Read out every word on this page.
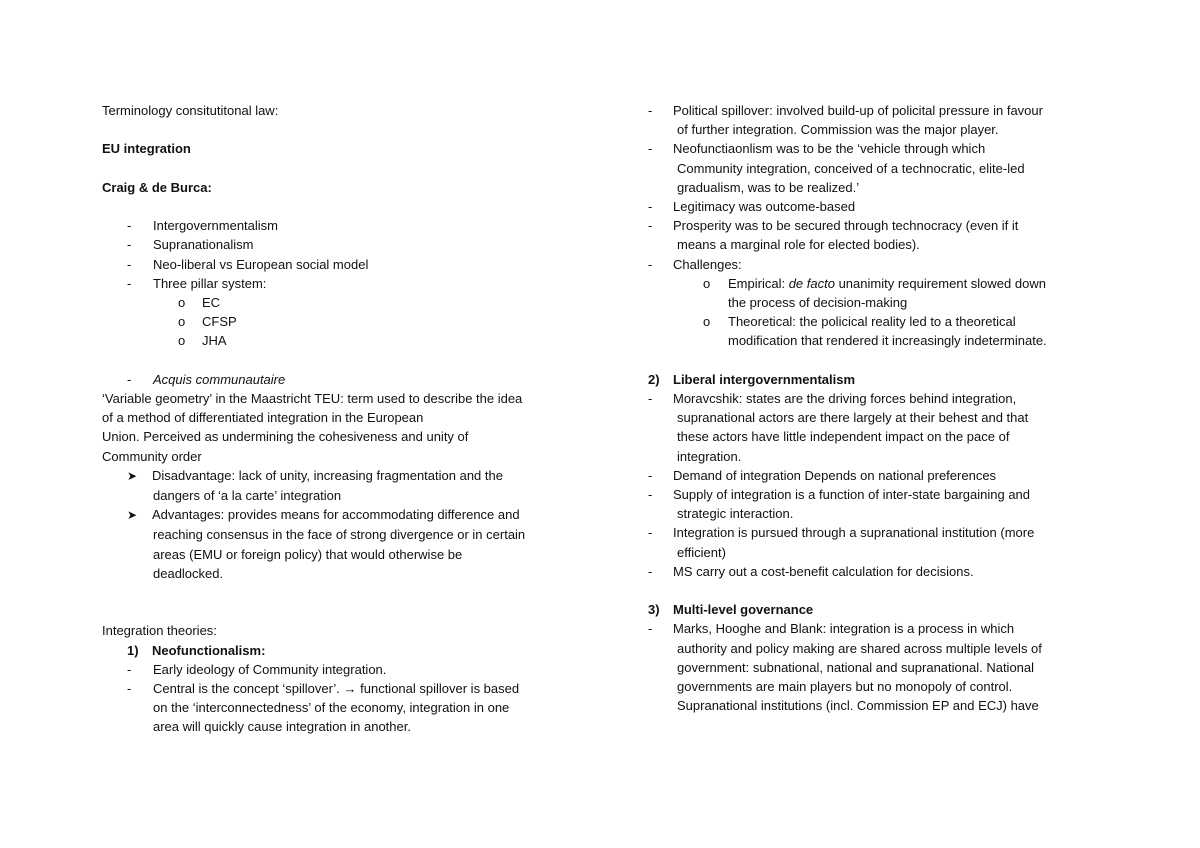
Terminology consitutitonal law:
EU integration
Craig & de Burca:
- Intergovernmentalism
- Supranationalism
- Neo-liberal vs European social model
- Three pillar system:
o EC
o CFSP
o JHA
- Acquis communautaire
‘Variable geometry’ in the Maastricht TEU: term used to describe the idea
of a method of differentiated integration in the European
Union. Perceived as undermining the cohesiveness and unity of
Community order
➤ Disadvantage: lack of unity, increasing fragmentation and the
dangers of ‘a la carte’ integration
➤ Advantages: provides means for accommodating difference and
reaching consensus in the face of strong divergence or in certain
areas (EMU or foreign policy) that would otherwise be
deadlocked.
Integration theories:
1) Neofunctionalism:
- Early ideology of Community integration.
- Central is the concept ‘spillover’. → functional spillover is based
on the ‘interconnectedness’ of the economy, integration in one
area will quickly cause integration in another.
- Political spillover: involved build-up of policital pressure in favour
of further integration. Commission was the major player.
- Neofunctiaonlism was to be the ‘vehicle through which
Community integration, conceived of a technocratic, elite-led
gradualism, was to be realized.’
- Legitimacy was outcome-based
- Prosperity was to be secured through technocracy (even if it
means a marginal role for elected bodies).
- Challenges:
o Empirical: de facto unanimity requirement slowed down
the process of decision-making
o Theoretical: the policical reality led to a theoretical
modification that rendered it increasingly indeterminate.
2) Liberal intergovernmentalism
- Moravcshik: states are the driving forces behind integration,
supranational actors are there largely at their behest and that
these actors have little independent impact on the pace of
integration.
- Demand of integration Depends on national preferences
- Supply of integration is a function of inter-state bargaining and
strategic interaction.
- Integration is pursued through a supranational institution (more
efficient)
- MS carry out a cost-benefit calculation for decisions.
3) Multi-level governance
- Marks, Hooghe and Blank: integration is a process in which
authority and policy making are shared across multiple levels of
government: subnational, national and supranational. National
governments are main players but no monopoly of control.
Supranational institutions (incl. Commission EP and ECJ) have
